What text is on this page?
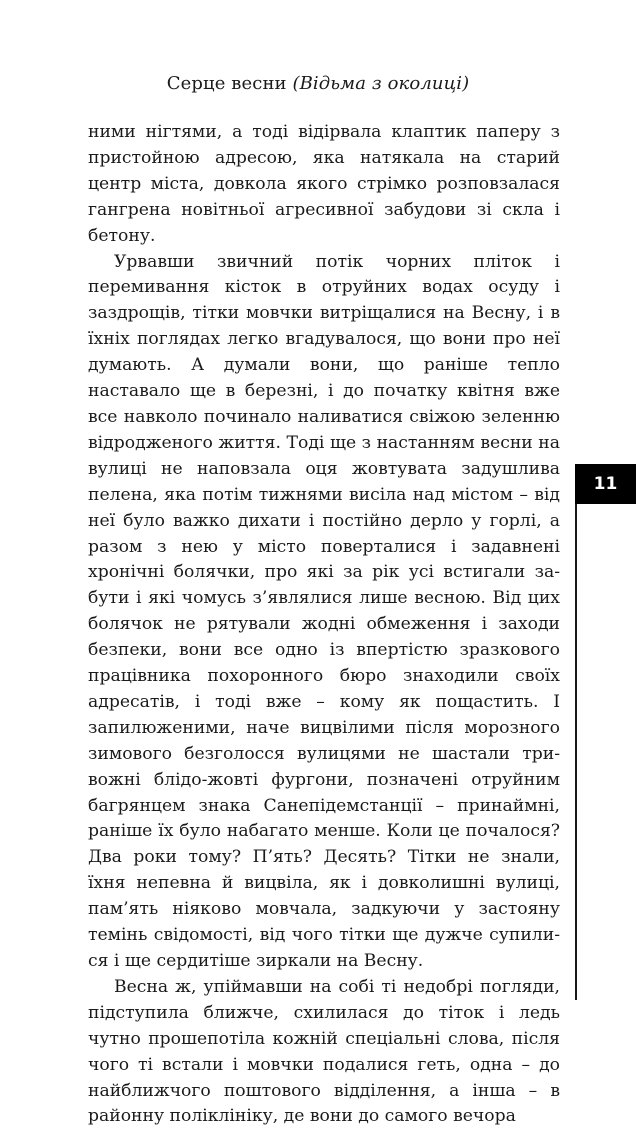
Серце весни (Відьма з околиці)

ними нігтями, а тоді відірвала клаптик паперу з пристойною адресою, яка натякала на старий центр міста, довкола якого стрімко розповзалася гангрена новітньої агресивної забудови зі скла і бетону.

Урвавши звичний потік чорних пліток і перемивання кісток в отруйних водах осуду і заздрощів, тітки мовчки витріщалися на Весну, і в їхніх поглядах легко вгадувалося, що вони про неї думають. А думали вони, що раніше тепло наставало ще в березні, і до початку квітня вже все навколо починало наливатися свіжою зеленню відродженого життя. Тоді ще з настанням весни на вулиці не наповзала оця жовтувата задушлива пелена, яка потім тижнями висіла над містом – від неї було важко дихати і постійно дерло у горлі, а разом з нею у місто поверталися і задавнені хронічні болячки, про які за рік усі встигали забути і які чомусь з’являлися лише весною. Від цих болячок не рятували жодні обмеження і заходи безпеки, вони все одно із впертістю зразкового працівника похоронного бюро знаходили своїх адресатів, і тоді вже – кому як пощастить. І запилюженими, наче вицвілими після морозного зимового безголосся вулицями не шастали тривожні блідо-жовті фургони, позначені отруйним багрянцем знака Санепідемстанції – принаймні, раніше їх було набагато менше. Коли це почалося? Два роки тому? П’ять? Десять? Тітки не знали, їхня непевна й вицвіла, як і довколишні вулиці, пам’ять ніяково мовчала, задкуючи у застояну темінь свідомості, від чого тітки ще дужче супилися і ще сердитіше зиркали на Весну.

Весна ж, упіймавши на собі ті недобрі погляди, підступила ближче, схилилася до тіток і ледь чутно прошепотіла кожній спеціальні слова, після чого ті встали і мовчки подалися геть, одна – до найближчого поштового відділення, а інша – в районну поліклініку, де вони до самого вечора

11
